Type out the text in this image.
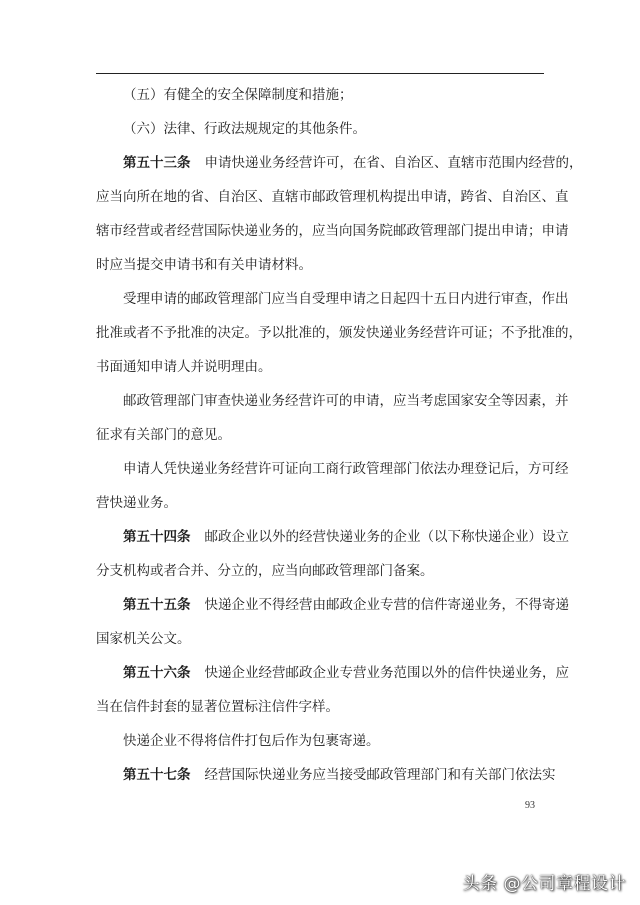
（五）有健全的安全保障制度和措施；
（六）法律、行政法规规定的其他条件。
第五十三条 申请快递业务经营许可，在省、自治区、直辖市范围内经营的，
应当向所在地的省、自治区、直辖市邮政管理机构提出申请，跨省、自治区、直
辖市经营或者经营国际快递业务的，应当向国务院邮政管理部门提出申请；申请
时应当提交申请书和有关申请材料。
受理申请的邮政管理部门应当自受理申请之日起四十五日内进行审查，作出
批准或者不予批准的决定。予以批准的，颁发快递业务经营许可证；不予批准的，
书面通知申请人并说明理由。
邮政管理部门审查快递业务经营许可的申请，应当考虑国家安全等因素，并
征求有关部门的意见。
申请人凭快递业务经营许可证向工商行政管理部门依法办理登记后，方可经
营快递业务。
第五十四条 邮政企业以外的经营快递业务的企业（以下称快递企业）设立
分支机构或者合并、分立的，应当向邮政管理部门备案。
第五十五条 快递企业不得经营由邮政企业专营的信件寄递业务，不得寄递
国家机关公文。
第五十六条 快递企业经营邮政企业专营业务范围以外的信件快递业务，应
当在信件封套的显著位置标注信件字样。
快递企业不得将信件打包后作为包裹寄递。
第五十七条 经营国际快递业务应当接受邮政管理部门和有关部门依法实
93
头条 @公司章程设计
